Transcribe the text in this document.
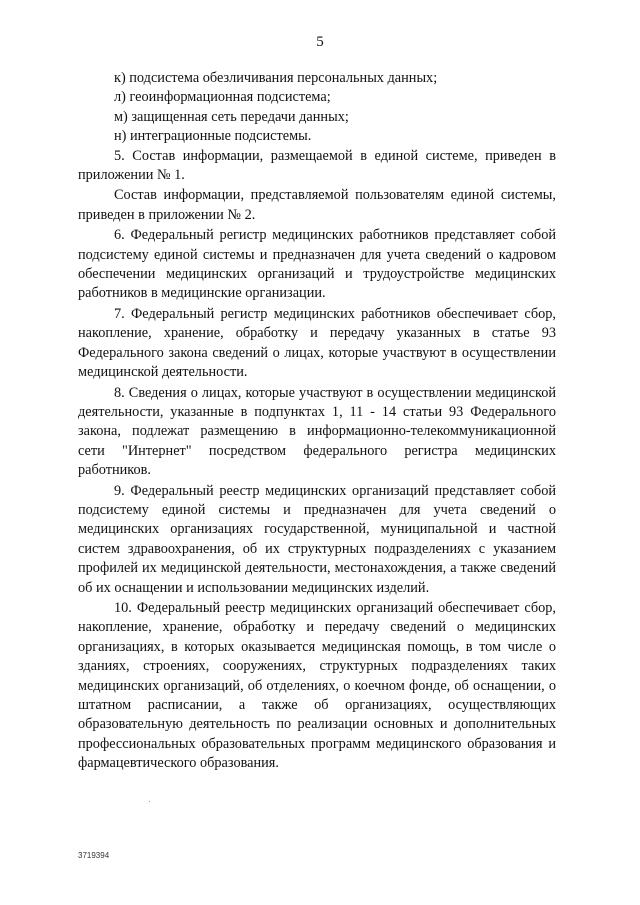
5

к) подсистема обезличивания персональных данных;

л) геоинформационная подсистема;

м) защищенная сеть передачи данных;

н) интеграционные подсистемы.

5. Состав информации, размещаемой в единой системе, приведен в приложении № 1.

Состав информации, представляемой пользователям единой системы, приведен в приложении № 2.

6. Федеральный регистр медицинских работников представляет собой подсистему единой системы и предназначен для учета сведений о кадровом обеспечении медицинских организаций и трудоустройстве медицинских работников в медицинские организации.

7. Федеральный регистр медицинских работников обеспечивает сбор, накопление, хранение, обработку и передачу указанных в статье 93 Федерального закона сведений о лицах, которые участвуют в осуществлении медицинской деятельности.

8. Сведения о лицах, которые участвуют в осуществлении медицинской деятельности, указанные в подпунктах 1, 11 - 14 статьи 93 Федерального закона, подлежат размещению в информационно-телекоммуникационной сети "Интернет" посредством федерального регистра медицинских работников.

9. Федеральный реестр медицинских организаций представляет собой подсистему единой системы и предназначен для учета сведений о медицинских организациях государственной, муниципальной и частной систем здравоохранения, об их структурных подразделениях с указанием профилей их медицинской деятельности, местонахождения, а также сведений об их оснащении и использовании медицинских изделий.

10. Федеральный реестр медицинских организаций обеспечивает сбор, накопление, хранение, обработку и передачу сведений о медицинских организациях, в которых оказывается медицинская помощь, в том числе о зданиях, строениях, сооружениях, структурных подразделениях таких медицинских организаций, об отделениях, о коечном фонде, об оснащении, о штатном расписании, а также об организациях, осуществляющих образовательную деятельность по реализации основных и дополнительных профессиональных образовательных программ медицинского образования и фармацевтического образования.

3719394
